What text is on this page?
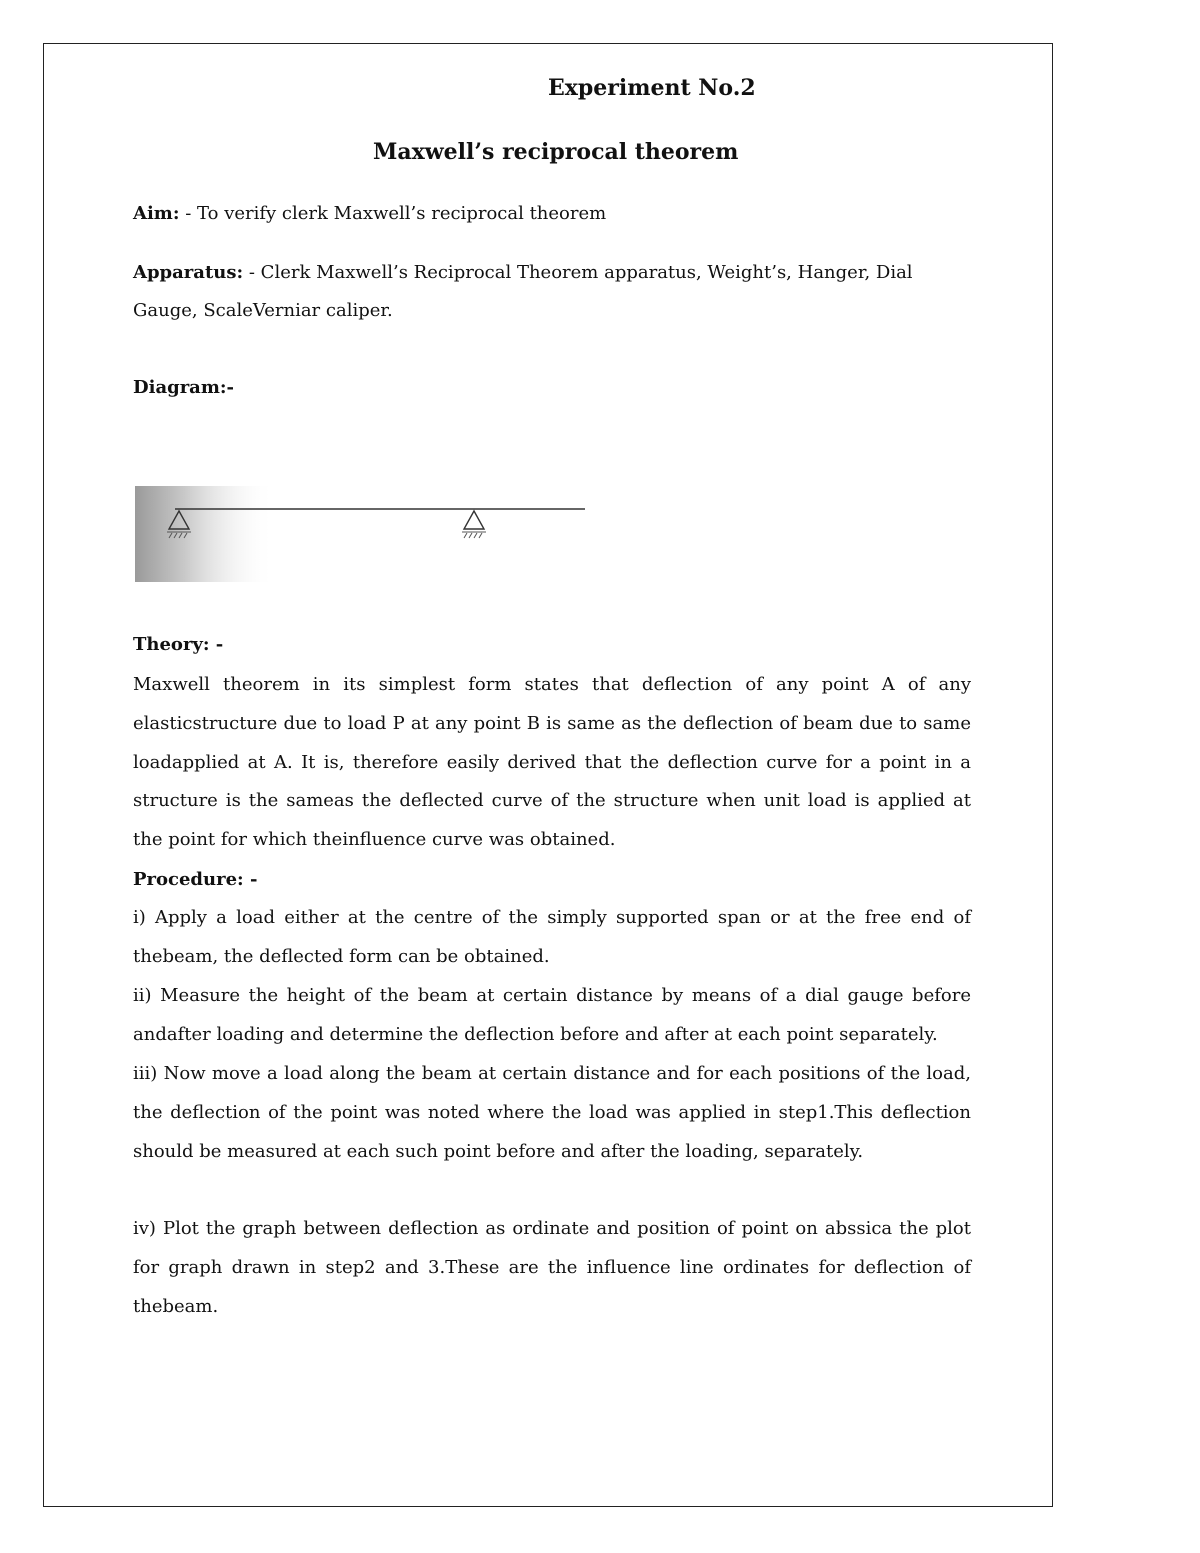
Experiment No.2
Maxwell’s reciprocal theorem

Aim: - To verify clerk Maxwell’s reciprocal theorem

Apparatus: - Clerk Maxwell’s Reciprocal Theorem apparatus, Weight’s, Hanger, Dial

Gauge, ScaleVerniar caliper.

Diagram:-

Theory: -

Maxwell theorem in its simplest form states that deflection of any point A of any elasticstructure due to load P at any point B is same as the deflection of beam due to same loadapplied at A. It is, therefore easily derived that the deflection curve for a point in a structure is the sameas the deflected curve of the structure when unit load is applied at the point for which theinfluence curve was obtained.

Procedure: -

i) Apply a load either at the centre of the simply supported span or at the free end of thebeam, the deflected form can be obtained.

ii) Measure the height of the beam at certain distance by means of a dial gauge before andafter loading and determine the deflection before and after at each point separately.

iii) Now move a load along the beam at certain distance and for each positions of the load, the deflection of the point was noted where the load was applied in step1.This deflection should be measured at each such point before and after the loading, separately.

iv) Plot the graph between deflection as ordinate and position of point on abssica the plot for graph drawn in step2 and 3.These are the influence line ordinates for deflection of thebeam.
